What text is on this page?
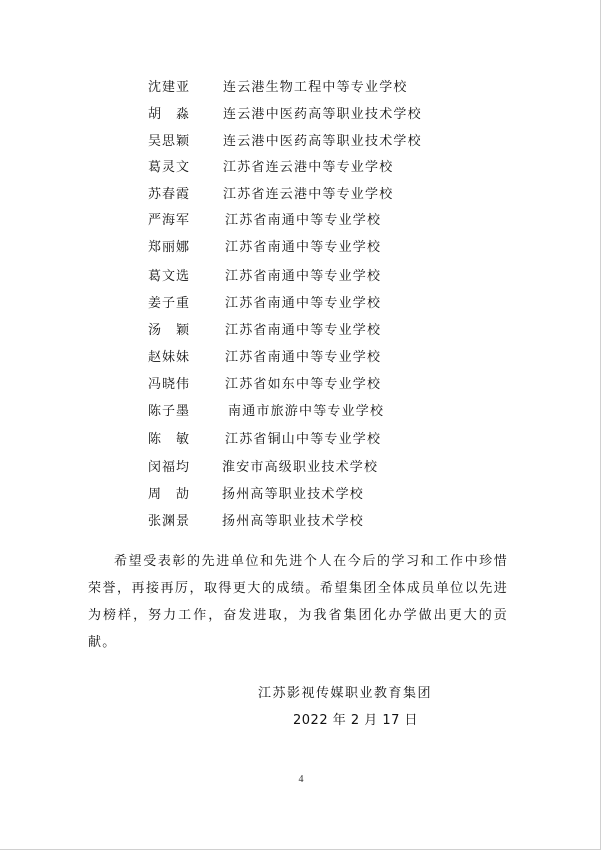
沈建亚	连云港生物工程中等专业学校
胡　淼	连云港中医药高等职业技术学校
吴思颖	连云港中医药高等职业技术学校
葛灵文	江苏省连云港中等专业学校
苏春霞	江苏省连云港中等专业学校
严海军	江苏省南通中等专业学校
郑丽娜	江苏省南通中等专业学校
葛文选	江苏省南通中等专业学校
姜子重	江苏省南通中等专业学校
汤　颖	江苏省南通中等专业学校
赵妹妹	江苏省南通中等专业学校
冯晓伟	江苏省如东中等专业学校
陈子墨	南通市旅游中等专业学校
陈　敏	江苏省铜山中等专业学校
闵福均 淮安市高级职业技术学校
周　劼 扬州高等职业技术学校
张渊景 扬州高等职业技术学校

希望受表彰的先进单位和先进个人在今后的学习和工作中珍惜荣誉，再接再厉，取得更大的成绩。希望集团全体成员单位以先进为榜样，努力工作，奋发进取，为我省集团化办学做出更大的贡献。

江苏影视传媒职业教育集团
2022 年 2 月 17 日
4
